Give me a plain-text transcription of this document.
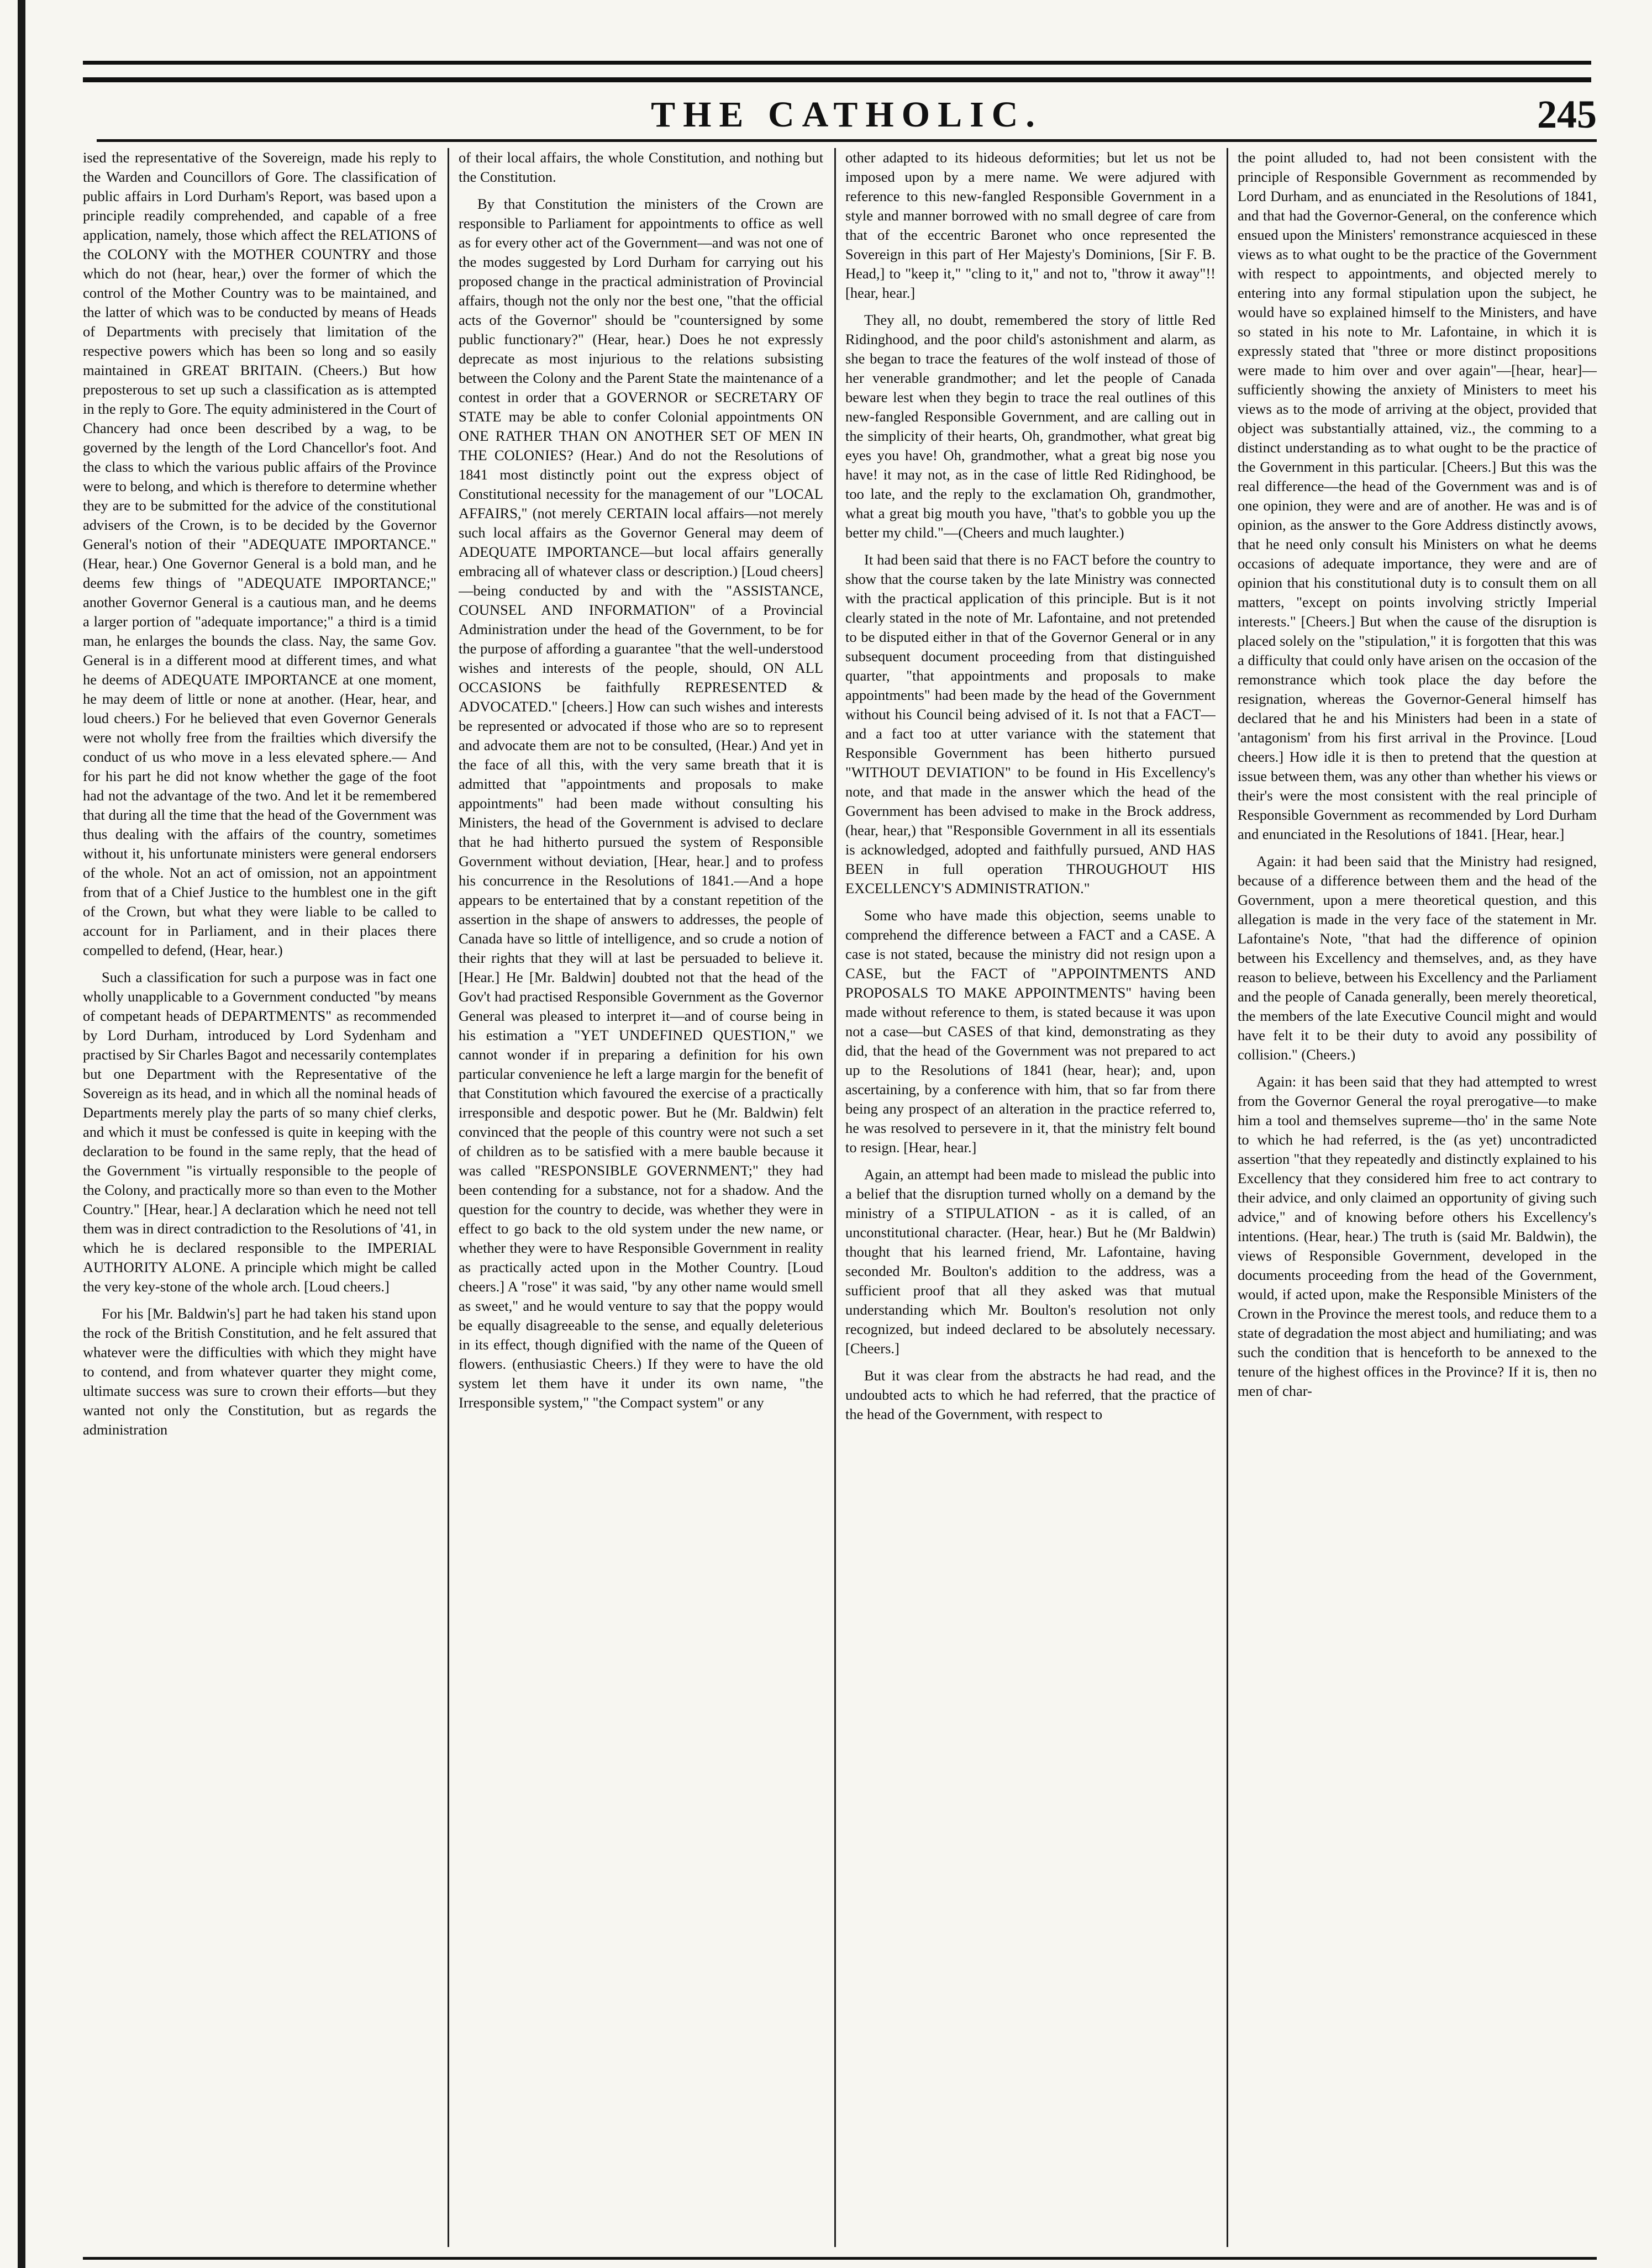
THE CATHOLIC.	245

ised the representative of the Sovereign, made his reply to the Warden and Councillors of Gore. The classification of public affairs in Lord Durham's Report, was based upon a principle readily comprehended, and capable of a free application, namely, those which affect the RELATIONS of the COLONY with the MOTHER COUNTRY and those which do not (hear, hear,) over the former of which the control of the Mother Country was to be maintained, and the latter of which was to be conducted by means of Heads of Departments with precisely that limitation of the respective powers which has been so long and so easily maintained in GREAT BRITAIN. (Cheers.) But how preposterous to set up such a classification as is attempted in the reply to Gore. The equity administered in the Court of Chancery had once been described by a wag, to be governed by the length of the Lord Chancellor's foot. And the class to which the various public affairs of the Province were to belong, and which is therefore to determine whether they are to be submitted for the advice of the constitutional advisers of the Crown, is to be decided by the Governor General's notion of their "ADEQUATE IMPORTANCE." (Hear, hear.) One Governor General is a bold man, and he deems few things of "ADEQUATE IMPORTANCE;" another Governor General is a cautious man, and he deems a larger portion of "adequate importance;" a third is a timid man, he enlarges the bounds the class. Nay, the same Gov. General is in a different mood at different times, and what he deems of ADEQUATE IMPORTANCE at one moment, he may deem of little or none at another. (Hear, hear, and loud cheers.) For he believed that even Governor Generals were not wholly free from the frailties which diversify the conduct of us who move in a less elevated sphere.— And for his part he did not know whether the gage of the foot had not the advantage of the two. And let it be remembered that during all the time that the head of the Government was thus dealing with the affairs of the country, sometimes without it, his unfortunate ministers were general endorsers of the whole. Not an act of omission, not an appointment from that of a Chief Justice to the humblest one in the gift of the Crown, but what they were liable to be called to account for in Parliament, and in their places there compelled to defend, (Hear, hear.)

Such a classification for such a purpose was in fact one wholly unapplicable to a Government conducted "by means of competant heads of DEPARTMENTS" as recommended by Lord Durham, introduced by Lord Sydenham and practised by Sir Charles Bagot and necessarily contemplates but one Department with the Representative of the Sovereign as its head, and in which all the nominal heads of Departments merely play the parts of so many chief clerks, and which it must be confessed is quite in keeping with the declaration to be found in the same reply, that the head of the Government "is virtually responsible to the people of the Colony, and practically more so than even to the Mother Country." [Hear, hear.] A declaration which he need not tell them was in direct contradiction to the Resolutions of '41, in which he is declared responsible to the IMPERIAL AUTHORITY ALONE. A principle which might be called the very key-stone of the whole arch. [Loud cheers.]

For his [Mr. Baldwin's] part he had taken his stand upon the rock of the British Constitution, and he felt assured that whatever were the difficulties with which they might have to contend, and from whatever quarter they might come, ultimate success was sure to crown their efforts—but they wanted not only the Constitution, but as regards the administration

of their local affairs, the whole Constitution, and nothing but the Constitution.

By that Constitution the ministers of the Crown are responsible to Parliament for appointments to office as well as for every other act of the Government—and was not one of the modes suggested by Lord Durham for carrying out his proposed change in the practical administration of Provincial affairs, though not the only nor the best one, "that the official acts of the Governor" should be "countersigned by some public functionary?" (Hear, hear.) Does he not expressly deprecate as most injurious to the relations subsisting between the Colony and the Parent State the maintenance of a contest in order that a GOVERNOR or SECRETARY OF STATE may be able to confer Colonial appointments ON ONE RATHER THAN ON ANOTHER SET OF MEN IN THE COLONIES? (Hear.) And do not the Resolutions of 1841 most distinctly point out the express object of Constitutional necessity for the management of our "LOCAL AFFAIRS," (not merely CERTAIN local affairs—not merely such local affairs as the Governor General may deem of ADEQUATE IMPORTANCE—but local affairs generally embracing all of whatever class or description.) [Loud cheers]—being conducted by and with the "ASSISTANCE, COUNSEL AND INFORMATION" of a Provincial Administration under the head of the Government, to be for the purpose of affording a guarantee "that the well-understood wishes and interests of the people, should, ON ALL OCCASIONS be faithfully REPRESENTED & ADVOCATED." [cheers.] How can such wishes and interests be represented or advocated if those who are so to represent and advocate them are not to be consulted, (Hear.) And yet in the face of all this, with the very same breath that it is admitted that "appointments and proposals to make appointments" had been made without consulting his Ministers, the head of the Government is advised to declare that he had hitherto pursued the system of Responsible Government without deviation, [Hear, hear.] and to profess his concurrence in the Resolutions of 1841.—And a hope appears to be entertained that by a constant repetition of the assertion in the shape of answers to addresses, the people of Canada have so little of intelligence, and so crude a notion of their rights that they will at last be persuaded to believe it. [Hear.] He [Mr. Baldwin] doubted not that the head of the Gov't had practised Responsible Government as the Governor General was pleased to interpret it—and of course being in his estimation a "YET UNDEFINED QUESTION," we cannot wonder if in preparing a definition for his own particular convenience he left a large margin for the benefit of that Constitution which favoured the exercise of a practically irresponsible and despotic power. But he (Mr. Baldwin) felt convinced that the people of this country were not such a set of children as to be satisfied with a mere bauble because it was called "RESPONSIBLE GOVERNMENT;" they had been contending for a substance, not for a shadow. And the question for the country to decide, was whether they were in effect to go back to the old system under the new name, or whether they were to have Responsible Government in reality as practically acted upon in the Mother Country. [Loud cheers.] A "rose" it was said, "by any other name would smell as sweet," and he would venture to say that the poppy would be equally disagreeable to the sense, and equally deleterious in its effect, though dignified with the name of the Queen of flowers. (enthusiastic Cheers.) If they were to have the old system let them have it under its own name, "the Irresponsible system," "the Compact system" or any

other adapted to its hideous deformities; but let us not be imposed upon by a mere name. We were adjured with reference to this new-fangled Responsible Government in a style and manner borrowed with no small degree of care from that of the eccentric Baronet who once represented the Sovereign in this part of Her Majesty's Dominions, [Sir F. B. Head,] to "keep it," "cling to it," and not to, "throw it away"!! [hear, hear.]

They all, no doubt, remembered the story of little Red Ridinghood, and the poor child's astonishment and alarm, as she began to trace the features of the wolf instead of those of her venerable grandmother; and let the people of Canada beware lest when they begin to trace the real outlines of this new-fangled Responsible Government, and are calling out in the simplicity of their hearts, Oh, grandmother, what great big eyes you have! Oh, grandmother, what a great big nose you have! it may not, as in the case of little Red Ridinghood, be too late, and the reply to the exclamation Oh, grandmother, what a great big mouth you have, "that's to gobble you up the better my child."—(Cheers and much laughter.)

It had been said that there is no FACT before the country to show that the course taken by the late Ministry was connected with the practical application of this principle. But is it not clearly stated in the note of Mr. Lafontaine, and not pretended to be disputed either in that of the Governor General or in any subsequent document proceeding from that distinguished quarter, "that appointments and proposals to make appointments" had been made by the head of the Government without his Council being advised of it. Is not that a FACT—and a fact too at utter variance with the statement that Responsible Government has been hitherto pursued "WITHOUT DEVIATION" to be found in His Excellency's note, and that made in the answer which the head of the Government has been advised to make in the Brock address, (hear, hear,) that "Responsible Government in all its essentials is acknowledged, adopted and faithfully pursued, AND HAS BEEN in full operation THROUGHOUT HIS EXCELLENCY'S ADMINISTRATION."

Some who have made this objection, seems unable to comprehend the difference between a FACT and a CASE. A case is not stated, because the ministry did not resign upon a CASE, but the FACT of "APPOINTMENTS AND PROPOSALS TO MAKE APPOINTMENTS" having been made without reference to them, is stated because it was upon not a case—but CASES of that kind, demonstrating as they did, that the head of the Government was not prepared to act up to the Resolutions of 1841 (hear, hear); and, upon ascertaining, by a conference with him, that so far from there being any prospect of an alteration in the practice referred to, he was resolved to persevere in it, that the ministry felt bound to resign. [Hear, hear.]

Again, an attempt had been made to mislead the public into a belief that the disruption turned wholly on a demand by the ministry of a STIPULATION - as it is called, of an unconstitutional character. (Hear, hear.) But he (Mr Baldwin) thought that his learned friend, Mr. Lafontaine, having seconded Mr. Boulton's addition to the address, was a sufficient proof that all they asked was that mutual understanding which Mr. Boulton's resolution not only recognized, but indeed declared to be absolutely necessary. [Cheers.]

But it was clear from the abstracts he had read, and the undoubted acts to which he had referred, that the practice of the head of the Government, with respect to

the point alluded to, had not been consistent with the principle of Responsible Government as recommended by Lord Durham, and as enunciated in the Resolutions of 1841, and that had the Governor-General, on the conference which ensued upon the Ministers' remonstrance acquiesced in these views as to what ought to be the practice of the Government with respect to appointments, and objected merely to entering into any formal stipulation upon the subject, he would have so explained himself to the Ministers, and have so stated in his note to Mr. Lafontaine, in which it is expressly stated that "three or more distinct propositions were made to him over and over again"—[hear, hear]—sufficiently showing the anxiety of Ministers to meet his views as to the mode of arriving at the object, provided that object was substantially attained, viz., the comming to a distinct understanding as to what ought to be the practice of the Government in this particular. [Cheers.] But this was the real difference—the head of the Government was and is of one opinion, they were and are of another. He was and is of opinion, as the answer to the Gore Address distinctly avows, that he need only consult his Ministers on what he deems occasions of adequate importance, they were and are of opinion that his constitutional duty is to consult them on all matters, "except on points involving strictly Imperial interests." [Cheers.] But when the cause of the disruption is placed solely on the "stipulation," it is forgotten that this was a difficulty that could only have arisen on the occasion of the remonstrance which took place the day before the resignation, whereas the Governor-General himself has declared that he and his Ministers had been in a state of 'antagonism' from his first arrival in the Province. [Loud cheers.] How idle it is then to pretend that the question at issue between them, was any other than whether his views or their's were the most consistent with the real principle of Responsible Government as recommended by Lord Durham and enunciated in the Resolutions of 1841. [Hear, hear.]

Again: it had been said that the Ministry had resigned, because of a difference between them and the head of the Government, upon a mere theoretical question, and this allegation is made in the very face of the statement in Mr. Lafontaine's Note, "that had the difference of opinion between his Excellency and themselves, and, as they have reason to believe, between his Excellency and the Parliament and the people of Canada generally, been merely theoretical, the members of the late Executive Council might and would have felt it to be their duty to avoid any possibility of collision." (Cheers.)

Again: it has been said that they had attempted to wrest from the Governor General the royal prerogative—to make him a tool and themselves supreme—tho' in the same Note to which he had referred, is the (as yet) uncontradicted assertion "that they repeatedly and distinctly explained to his Excellency that they considered him free to act contrary to their advice, and only claimed an opportunity of giving such advice," and of knowing before others his Excellency's intentions. (Hear, hear.) The truth is (said Mr. Baldwin), the views of Responsible Government, developed in the documents proceeding from the head of the Government, would, if acted upon, make the Responsible Ministers of the Crown in the Province the merest tools, and reduce them to a state of degradation the most abject and humiliating; and was such the condition that is henceforth to be annexed to the tenure of the highest offices in the Province? If it is, then no men of char-
